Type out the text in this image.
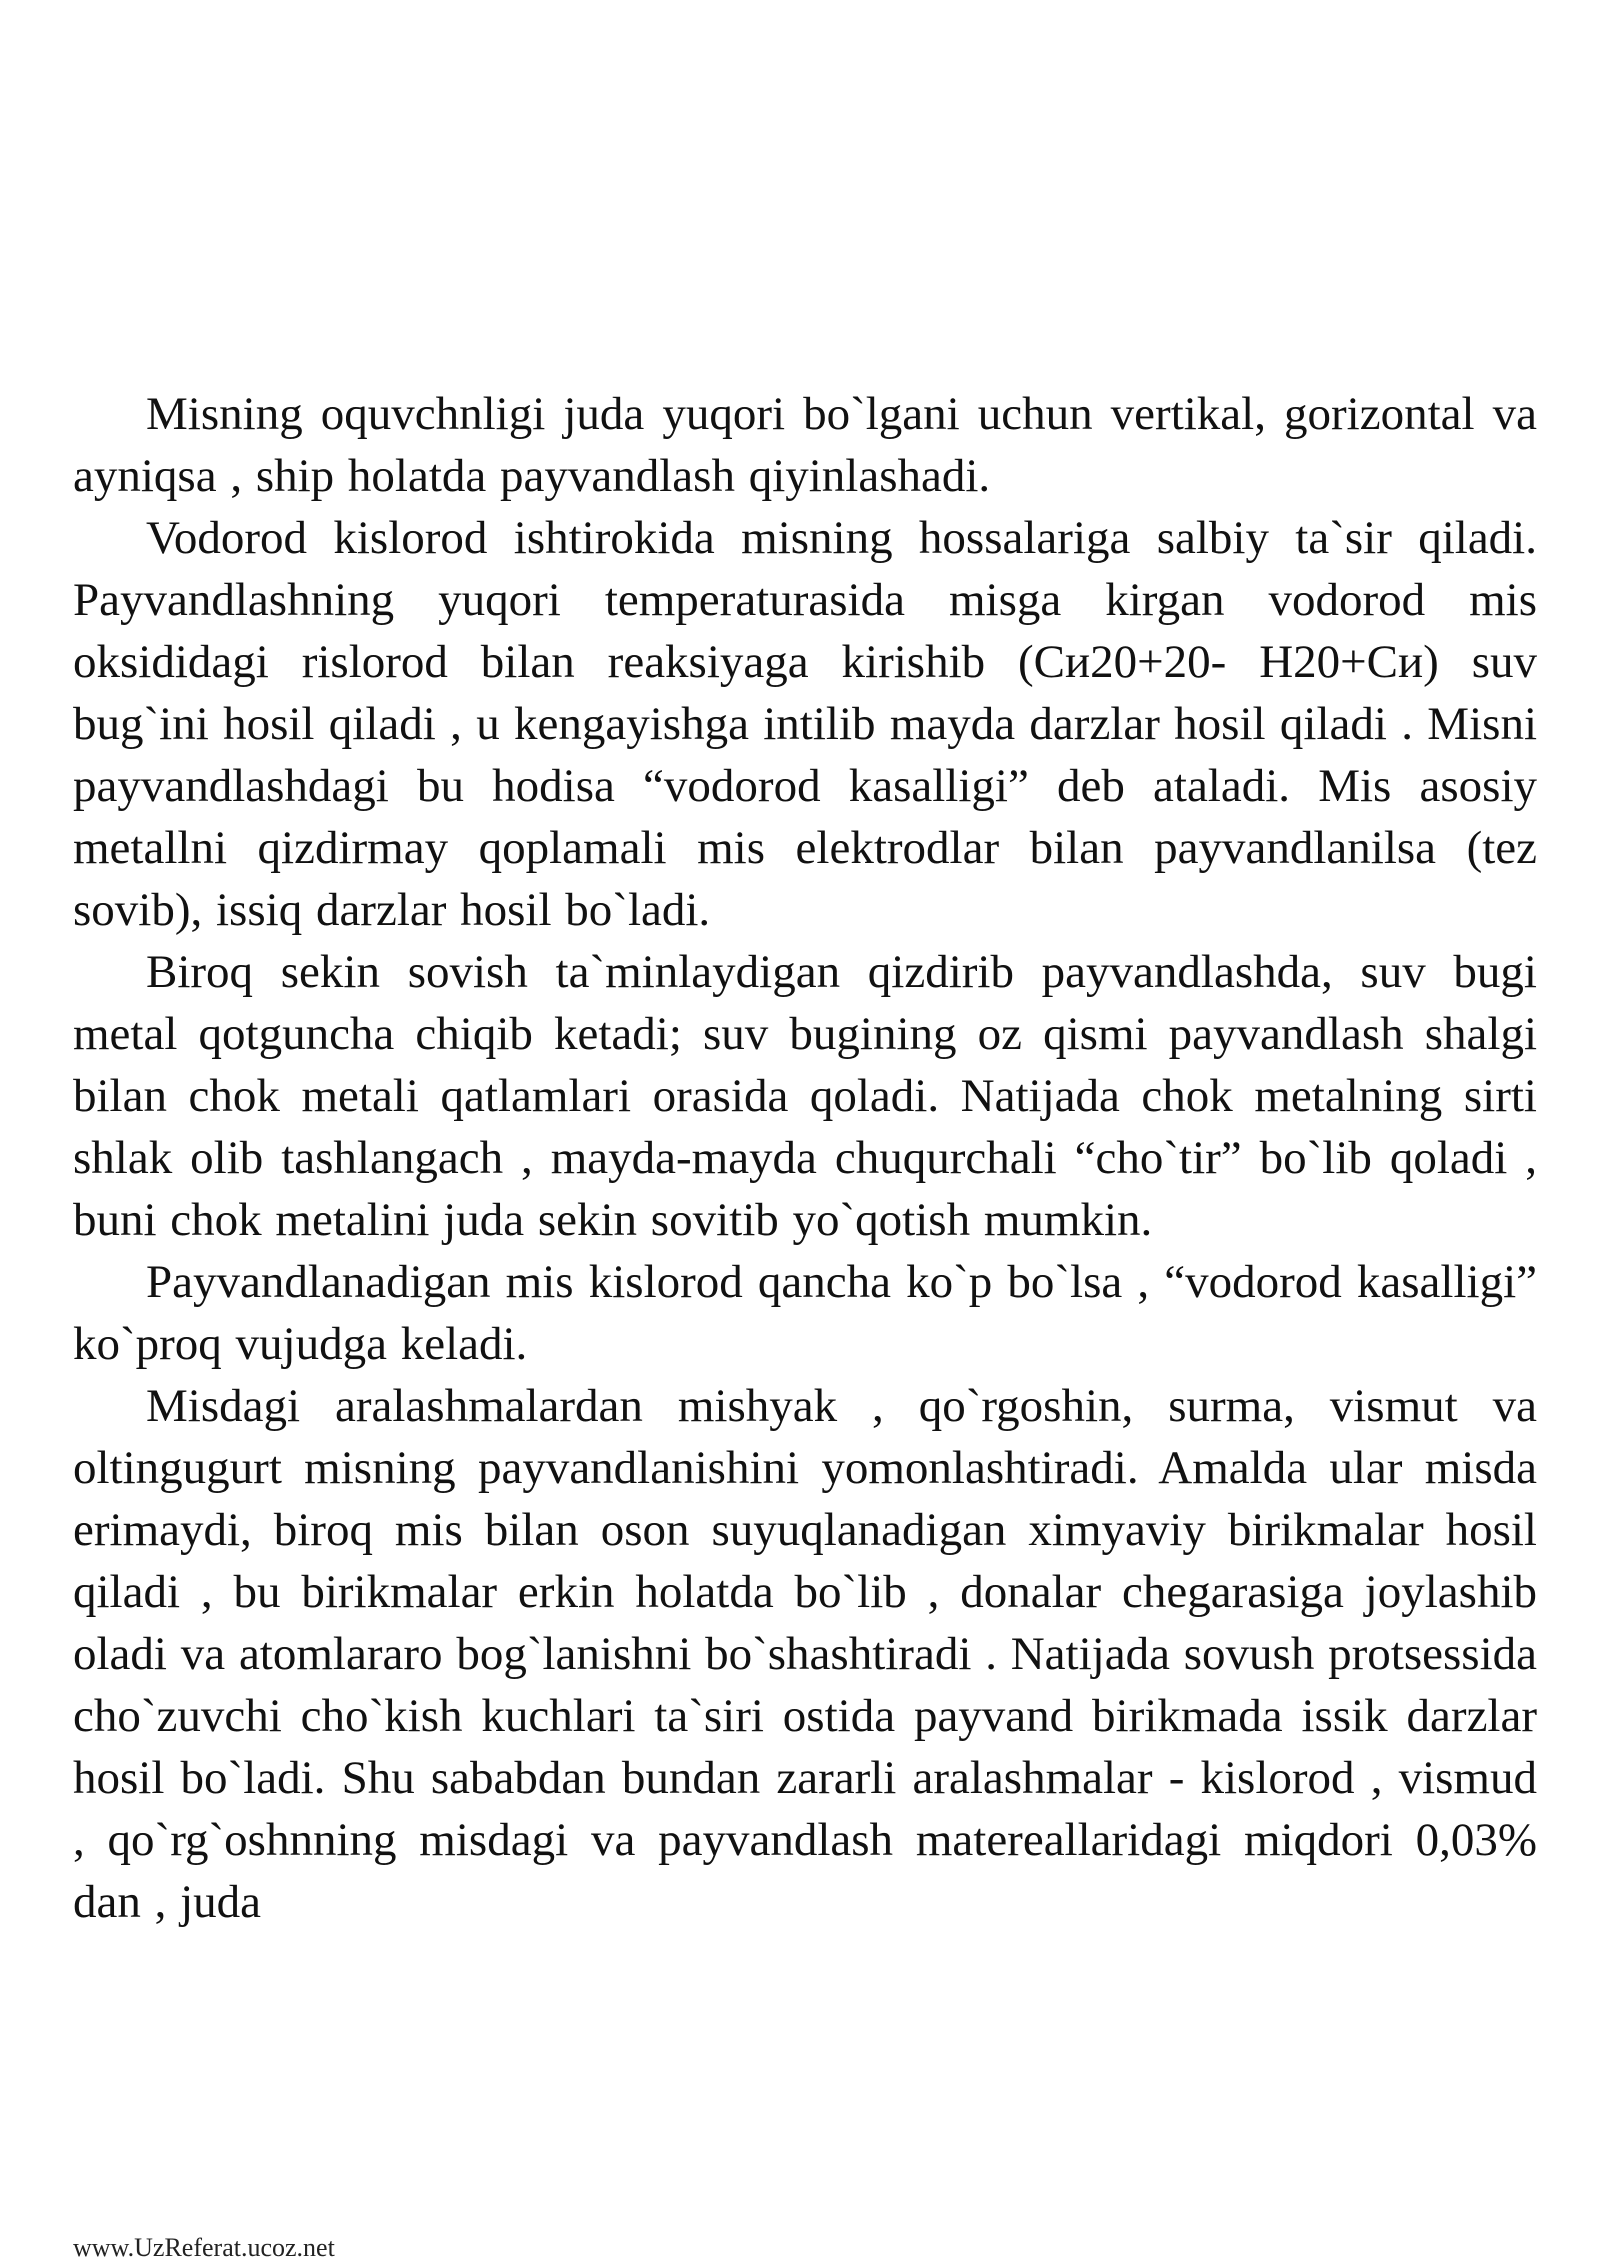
Misning oquvchnligi juda yuqori bo`lgani uchun vertikal, gorizontal va ayniqsa , ship holatda payvandlash qiyinlashadi.

Vodorod kislorod ishtirokida misning hossalariga salbiy ta`sir qiladi. Payvandlashning yuqori temperaturasida misga kirgan vodorod mis oksididagi rislorod bilan reaksiyaga kirishib (Cи20+20- H20+Cи) suv bug`ini hosil qiladi , u kengayishga intilib mayda darzlar hosil qiladi . Misni payvandlashdagi bu hodisa “vodorod kasalligi” deb ataladi. Mis asosiy metallni qizdirmay qoplamali mis elektrodlar bilan payvandlanilsa (tez sovib), issiq darzlar hosil bo`ladi.

Biroq sekin sovish ta`minlaydigan qizdirib payvandlashda, suv bugi metal qotguncha chiqib ketadi; suv bugining oz qismi payvandlash shalgi bilan chok metali qatlamlari orasida qoladi. Natijada chok metalning sirti shlak olib tashlangach , mayda-mayda chuqurchali “cho`tir” bo`lib qoladi , buni chok metalini juda sekin sovitib yo`qotish mumkin.

Payvandlanadigan mis kislorod qancha ko`p bo`lsa , “vodorod kasalligi” ko`proq vujudga keladi.

Misdagi aralashmalardan mishyak , qo`rgoshin, surma, vismut va oltingugurt misning payvandlanishini yomonlashtiradi. Amalda ular misda erimaydi, biroq mis bilan oson suyuqlanadigan ximyaviy birikmalar hosil qiladi , bu birikmalar erkin holatda bo`lib , donalar chegarasiga joylashib oladi va atomlararo bog`lanishni bo`shashtiradi . Natijada sovush protsessida cho`zuvchi cho`kish kuchlari ta`siri ostida payvand birikmada issik darzlar hosil bo`ladi. Shu sababdan bundan zararli aralashmalar - kislorod , vismud , qo`rg`oshnning misdagi va payvandlash matereallaridagi miqdori 0,03% dan , juda

www.UzReferat.ucoz.net
